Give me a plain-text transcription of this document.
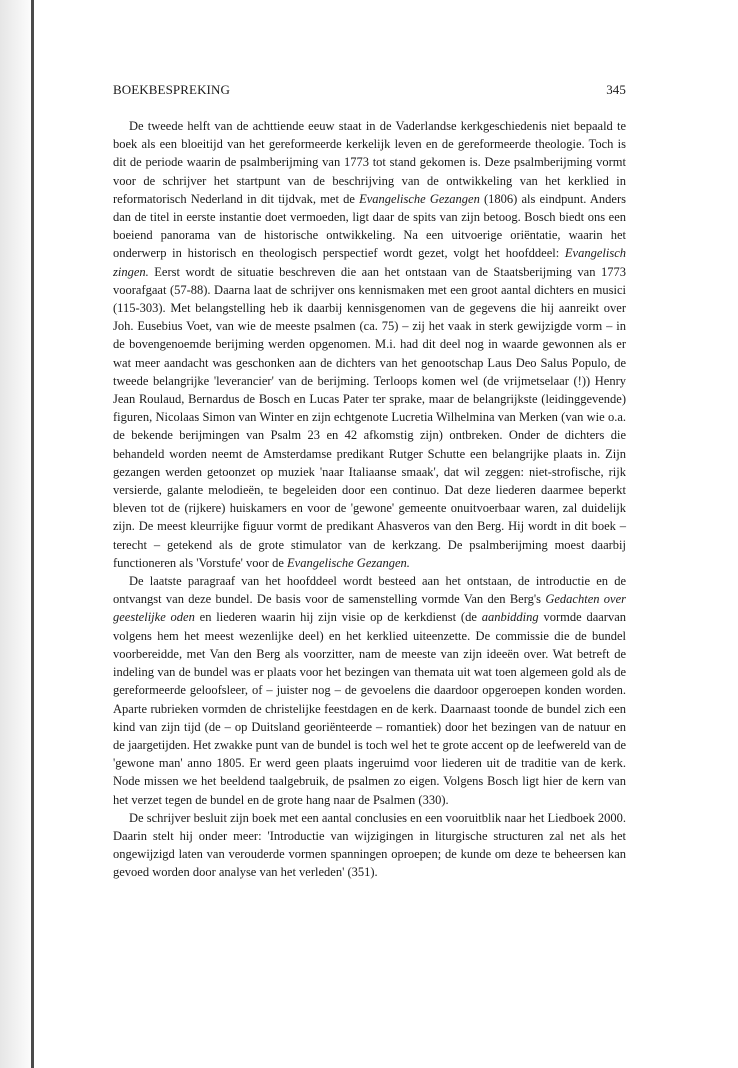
BOEKBESPREKING	345

De tweede helft van de achttiende eeuw staat in de Vaderlandse kerkgeschiedenis niet bepaald te boek als een bloeitijd van het gereformeerde kerkelijk leven en de gereformeerde theologie. Toch is dit de periode waarin de psalmberijming van 1773 tot stand gekomen is. Deze psalmberijming vormt voor de schrijver het startpunt van de beschrijving van de ontwikkeling van het kerklied in reformatorisch Nederland in dit tijdvak, met de Evangelische Gezangen (1806) als eindpunt. Anders dan de titel in eerste instantie doet vermoeden, ligt daar de spits van zijn betoog. Bosch biedt ons een boeiend panorama van de historische ontwikkeling. Na een uitvoerige oriëntatie, waarin het onderwerp in historisch en theologisch perspectief wordt gezet, volgt het hoofddeel: Evangelisch zingen. Eerst wordt de situatie beschreven die aan het ontstaan van de Staatsberijming van 1773 voorafgaat (57-88). Daarna laat de schrijver ons kennismaken met een groot aantal dichters en musici (115-303). Met belangstelling heb ik daarbij kennisgenomen van de gegevens die hij aanreikt over Joh. Eusebius Voet, van wie de meeste psalmen (ca. 75) – zij het vaak in sterk gewijzigde vorm – in de bovengenoemde berijming werden opgenomen. M.i. had dit deel nog in waarde gewonnen als er wat meer aandacht was geschonken aan de dichters van het genootschap Laus Deo Salus Populo, de tweede belangrijke 'leverancier' van de berijming. Terloops komen wel (de vrijmetselaar (!)) Henry Jean Roulaud, Bernardus de Bosch en Lucas Pater ter sprake, maar de belangrijkste (leidinggevende) figuren, Nicolaas Simon van Winter en zijn echtgenote Lucretia Wilhelmina van Merken (van wie o.a. de bekende berijmingen van Psalm 23 en 42 afkomstig zijn) ontbreken. Onder de dichters die behandeld worden neemt de Amsterdamse predikant Rutger Schutte een belangrijke plaats in. Zijn gezangen werden getoonzet op muziek 'naar Italiaanse smaak', dat wil zeggen: niet-strofische, rijk versierde, galante melodieën, te begeleiden door een continuo. Dat deze liederen daarmee beperkt bleven tot de (rijkere) huiskamers en voor de 'gewone' gemeente onuitvoerbaar waren, zal duidelijk zijn. De meest kleurrijke figuur vormt de predikant Ahasveros van den Berg. Hij wordt in dit boek – terecht – getekend als de grote stimulator van de kerkzang. De psalmberijming moest daarbij functioneren als 'Vorstufe' voor de Evangelische Gezangen.

De laatste paragraaf van het hoofddeel wordt besteed aan het ontstaan, de introductie en de ontvangst van deze bundel. De basis voor de samenstelling vormde Van den Berg's Gedachten over geestelijke oden en liederen waarin hij zijn visie op de kerkdienst (de aanbidding vormde daarvan volgens hem het meest wezenlijke deel) en het kerklied uiteenzette. De commissie die de bundel voorbereidde, met Van den Berg als voorzitter, nam de meeste van zijn ideeën over. Wat betreft de indeling van de bundel was er plaats voor het bezingen van themata uit wat toen algemeen gold als de gereformeerde geloofsleer, of – juister nog – de gevoelens die daardoor opgeroepen konden worden. Aparte rubrieken vormden de christelijke feestdagen en de kerk. Daarnaast toonde de bundel zich een kind van zijn tijd (de – op Duitsland georiënteerde – romantiek) door het bezingen van de natuur en de jaargetijden. Het zwakke punt van de bundel is toch wel het te grote accent op de leefwereld van de 'gewone man' anno 1805. Er werd geen plaats ingeruimd voor liederen uit de traditie van de kerk. Node missen we het beeldend taalgebruik, de psalmen zo eigen. Volgens Bosch ligt hier de kern van het verzet tegen de bundel en de grote hang naar de Psalmen (330).

De schrijver besluit zijn boek met een aantal conclusies en een vooruitblik naar het Liedboek 2000. Daarin stelt hij onder meer: 'Introductie van wijzigingen in liturgische structuren zal net als het ongewijzigd laten van verouderde vormen spanningen oproepen; de kunde om deze te beheersen kan gevoed worden door analyse van het verleden' (351).
